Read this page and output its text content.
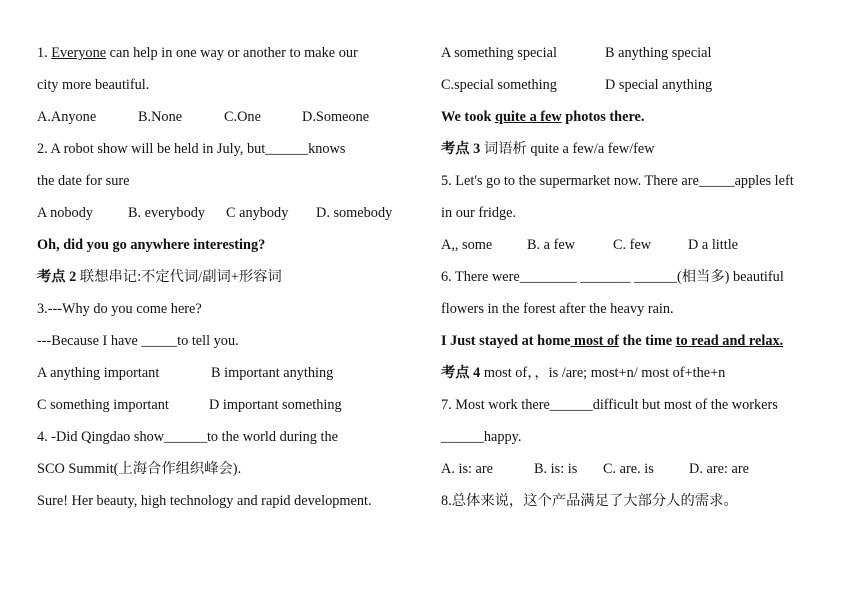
1. Everyone can help in one way or another to make our
city more beautiful.
A.Anyone	B.None	C.One	D.Someone
2. A robot show will be held in July, but______knows
the date for sure
A nobody B. everybody C anybody D. somebody
Oh, did you go anywhere interesting?
考点 2 联想串记:不定代词/副词+形容词
3.---Why do you come here?
---Because I have _____to tell you.
A anything important	B important anything
C something important	D important something
4. -Did Qingdao show______to the world during the
SCO Summit(上海合作组织峰会).
Sure! Her beauty, high technology and rapid development.
A something special	B anything special
C.special something	D special anything
We took quite a few photos there.
考点 3 词语析 quite a few/a few/few
5. Let's go to the supermarket now. There are_____apples left
in our fridge.
A,, some B. a few	C. few	D a little
6. There were________ _______ ______(相当多) beautiful
flowers in the forest after the heavy rain.
I Just stayed at home most of the time to read and relax.
考点 4 most of，，is /are; most+n/ most of+the+n
7. Most work there______difficult but most of the workers
______happy.
A. is: are	B. is: is C. are. is D. are: are
8.总体来说，这个产品满足了大部分人的需求。
